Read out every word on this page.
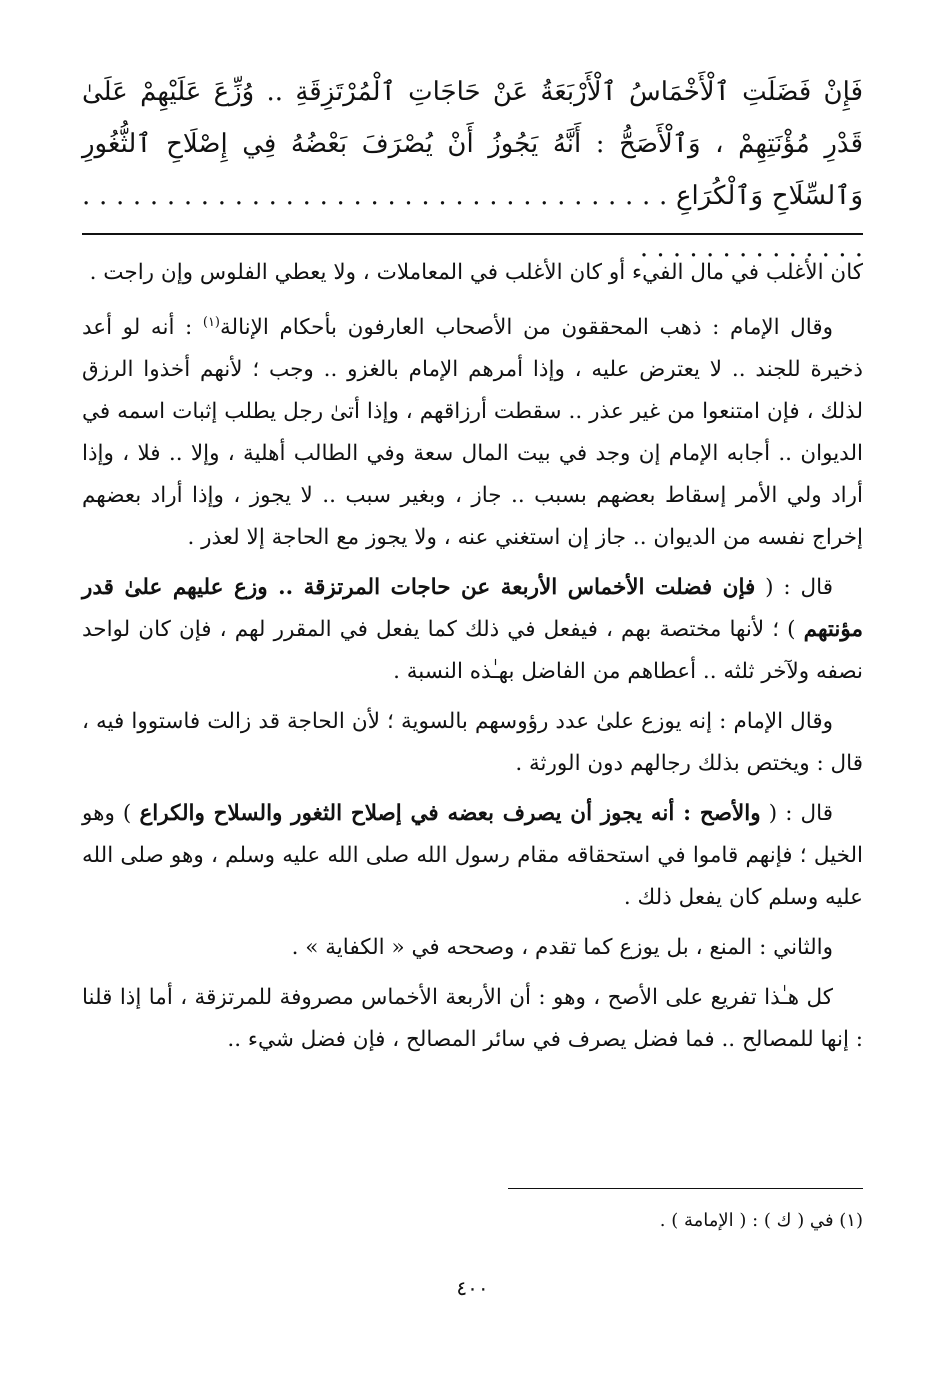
فَإِنْ فَضَلَتِ ٱلْأَخْمَاسُ ٱلْأَرْبَعَةُ عَنْ حَاجَاتِ ٱلْمُرْتَزِقَةِ .. وُزِّعَ عَلَيْهِمْ عَلَىٰ قَدْرِ مُؤْنَتِهِمْ ، وَٱلْأَصَحُّ : أَنَّهُ يَجُوزُ أَنْ يُصْرَفَ بَعْضُهُ فِي إِصْلَاحِ ٱلثُّغُورِ وَٱلسِّلَاحِ وَٱلْكُرَاعِ . . . . . . . . . . . . . . . . . . . . . . . . . . . . . . . . . . . . . . . . . . . . . . . . .

كان الأغلب في مال الفيء أو كان الأغلب في المعاملات ، ولا يعطي الفلوس وإن راجت .

وقال الإمام : ذهب المحققون من الأصحاب العارفون بأحكام الإنالة$^{(١)}$ : أنه لو أعد ذخيرة للجند .. لا يعترض عليه ، وإذا أمرهم الإمام بالغزو .. وجب ؛ لأنهم أخذوا الرزق لذلك ، فإن امتنعوا من غير عذر .. سقطت أرزاقهم ، وإذا أتىٰ رجل يطلب إثبات اسمه في الديوان .. أجابه الإمام إن وجد في بيت المال سعة وفي الطالب أهلية ، وإلا .. فلا ، وإذا أراد ولي الأمر إسقاط بعضهم بسبب .. جاز ، وبغير سبب .. لا يجوز ، وإذا أراد بعضهم إخراج نفسه من الديوان .. جاز إن استغني عنه ، ولا يجوز مع الحاجة إلا لعذر .

قال : ( فإن فضلت الأخماس الأربعة عن حاجات المرتزقة .. وزع عليهم علىٰ قدر مؤنتهم ) ؛ لأنها مختصة بهم ، فيفعل في ذلك كما يفعل في المقرر لهم ، فإن كان لواحد نصفه ولآخر ثلثه .. أعطاهم من الفاضل بهـٰذه النسبة .

وقال الإمام : إنه يوزع علىٰ عدد رؤوسهم بالسوية ؛ لأن الحاجة قد زالت فاستووا فيه ، قال : ويختص بذلك رجالهم دون الورثة .

قال : ( والأصح : أنه يجوز أن يصرف بعضه في إصلاح الثغور والسلاح والكراع ) وهو الخيل ؛ فإنهم قاموا في استحقاقه مقام رسول الله صلى الله عليه وسلم ، وهو صلى الله عليه وسلم كان يفعل ذلك .

والثاني : المنع ، بل يوزع كما تقدم ، وصححه في « الكفاية » .

كل هـٰذا تفريع على الأصح ، وهو : أن الأربعة الأخماس مصروفة للمرتزقة ، أما إذا قلنا : إنها للمصالح .. فما فضل يصرف في سائر المصالح ، فإن فضل شيء ..

(١) في ( ك ) : ( الإمامة ) .
٤٠٠
